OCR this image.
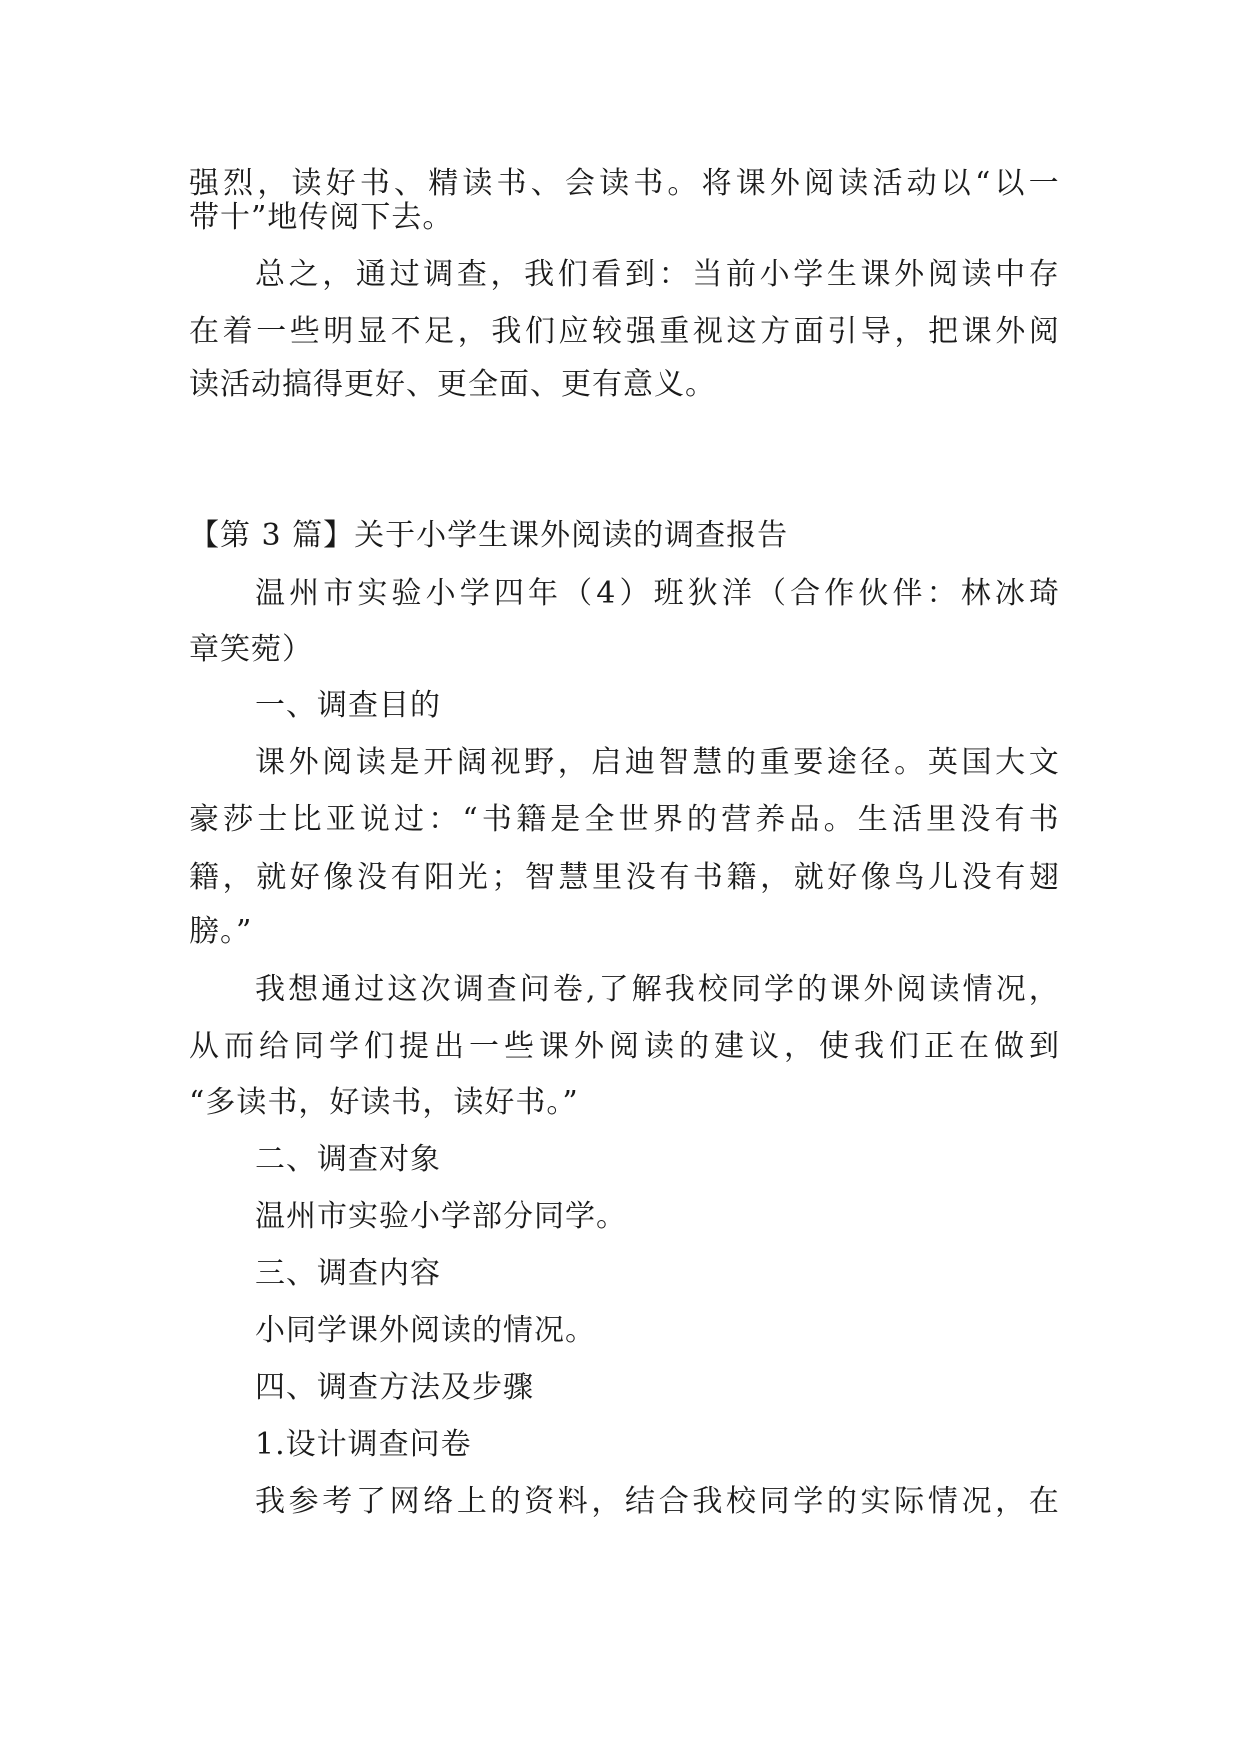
强 烈 ， 读 好 书 、 精 读 书 、 会 读 书 。 将 课 外 阅 读 活 动 以 “ 以 一
带十”地传阅下去。
总 之 ， 通 过 调 查 ， 我 们 看 到 ： 当 前 小 学 生 课 外 阅 读 中 存
在 着 一 些 明 显 不 足 ， 我 们 应 较 强 重 视 这 方 面 引 导 ， 把 课 外 阅
读活动搞得更好、更全面、更有意义。
【第 3 篇】关于小学生课外阅读的调查报告
温 州 市 实 验 小 学 四 年 （ 4 ） 班 狄 洋 （ 合 作 伙 伴 ： 林 冰 琦
章笑菀）
一、调查目的
课 外 阅 读 是 开 阔 视 野 ， 启 迪 智 慧 的 重 要 途 径 。 英 国 大 文
豪 莎 士 比 亚 说 过 ： “ 书 籍 是 全 世 界 的 营 养 品 。 生 活 里 没 有 书
籍 ， 就 好 像 没 有 阳 光 ； 智 慧 里 没 有 书 籍 ， 就 好 像 鸟 儿 没 有 翅
膀。”
我 想 通 过 这 次 调 查 问 卷 , 了 解 我 校 同 学 的 课 外 阅 读 情 况 ，
从 而 给 同 学 们 提 出 一 些 课 外 阅 读 的 建 议 ， 使 我 们 正 在 做 到
“多读书，好读书，读好书。”
二、调查对象
温州市实验小学部分同学。
三、调查内容
小同学课外阅读的情况。
四、调查方法及步骤
1.设计调查问卷
我 参 考 了 网 络 上 的 资 料 ， 结 合 我 校 同 学 的 实 际 情 况 ， 在
